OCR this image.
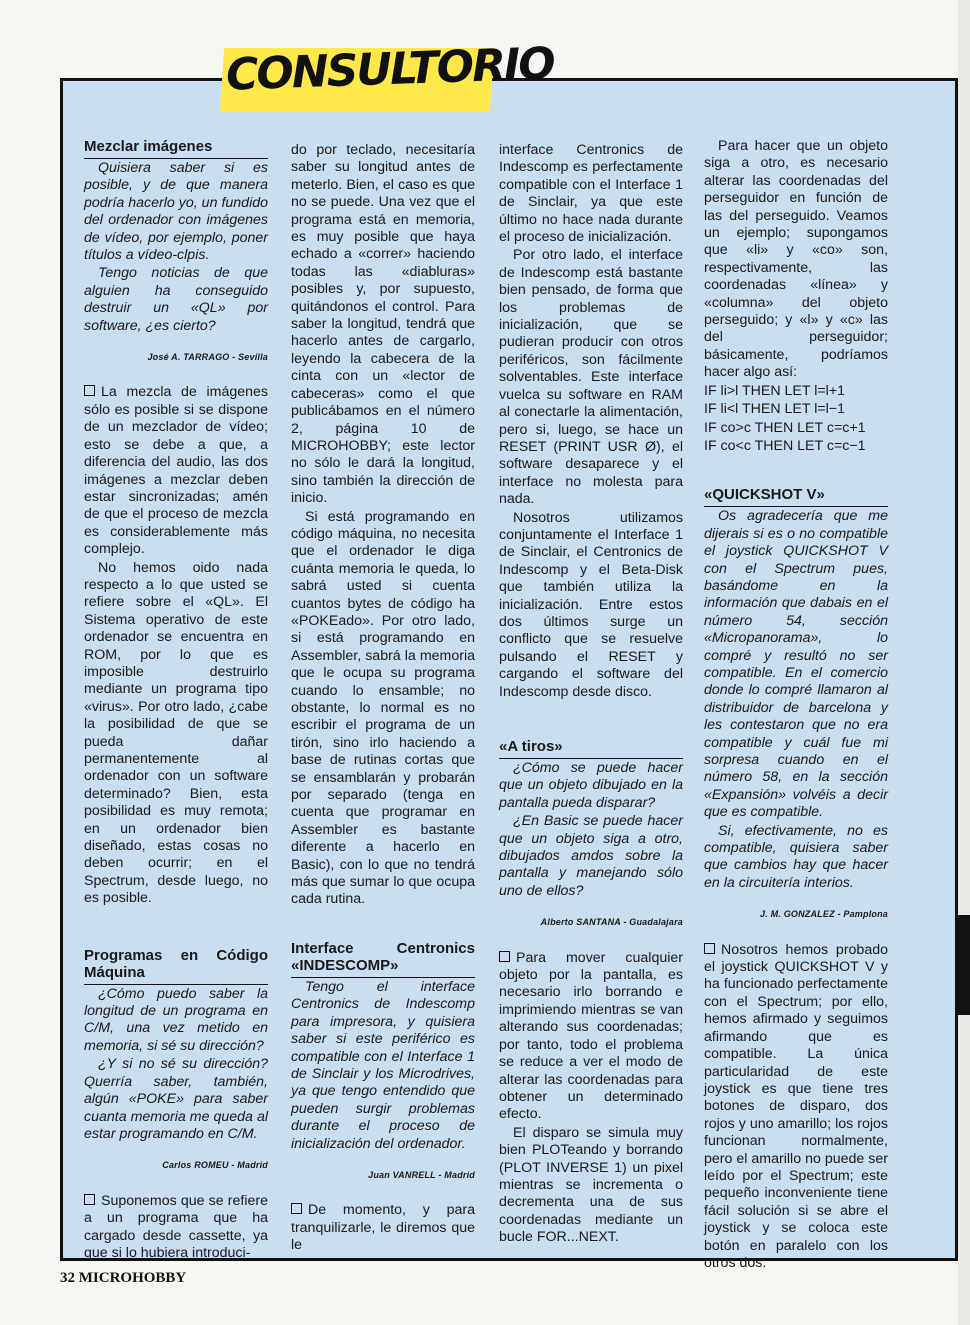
CONSULTORIO

Mezclar imágenes

Quisiera saber si es posible, y de que manera podría hacerlo yo, un fundido del ordenador con imágenes de vídeo, por ejemplo, poner títulos a vídeo-clpis.

Tengo noticias de que alguien ha conseguido destruir un «QL» por software, ¿es cierto?

José A. TARRAGO - Sevilla

La mezcla de imágenes sólo es posible si se dispone de un mezclador de vídeo; esto se debe a que, a diferencia del audio, las dos imágenes a mezclar deben estar sincronizadas; amén de que el proceso de mezcla es considerablemente más complejo.

No hemos oido nada respecto a lo que usted se refiere sobre el «QL». El Sistema operativo de este ordenador se encuentra en ROM, por lo que es imposible destruirlo mediante un programa tipo «virus». Por otro lado, ¿cabe la posibilidad de que se pueda dañar permanentemente al ordenador con un software determinado? Bien, esta posibilidad es muy remota; en un ordenador bien diseñado, estas cosas no deben ocurrir; en el Spectrum, desde luego, no es posible.

Programas en Código Máquina

¿Cómo puedo saber la longitud de un programa en C/M, una vez metido en memoria, si sé su dirección?

¿Y si no sé su dirección? Querría saber, también, algún «POKE» para saber cuanta memoria me queda al estar programando en C/M.

Carlos ROMEU - Madrid

Suponemos que se refiere a un programa que ha cargado desde cassette, ya que si lo hubiera introduci-

do por teclado, necesitaría saber su longitud antes de meterlo. Bien, el caso es que no se puede. Una vez que el programa está en memoria, es muy posible que haya echado a «correr» haciendo todas las «diabluras» posibles y, por supuesto, quitándonos el control. Para saber la longitud, tendrá que hacerlo antes de cargarlo, leyendo la cabecera de la cinta con un «lector de cabeceras» como el que publicábamos en el número 2, página 10 de MICROHOBBY; este lector no sólo le dará la longitud, sino también la dirección de inicio.

Si está programando en código máquina, no necesita que el ordenador le diga cuánta memoria le queda, lo sabrá usted si cuenta cuantos bytes de código ha «POKEado». Por otro lado, si está programando en Assembler, sabrá la memoria que le ocupa su programa cuando lo ensamble; no obstante, lo normal es no escribir el programa de un tirón, sino irlo haciendo a base de rutinas cortas que se ensamblarán y probarán por separado (tenga en cuenta que programar en Assembler es bastante diferente a hacerlo en Basic), con lo que no tendrá más que sumar lo que ocupa cada rutina.

Interface Centronics «INDESCOMP»

Tengo el interface Centronics de Indescomp para impresora, y quisiera saber si este periférico es compatible con el Interface 1 de Sinclair y los Microdrives, ya que tengo entendido que pueden surgir problemas durante el proceso de inicialización del ordenador.

Juan VANRELL - Madrid

De momento, y para tranquilizarle, le diremos que le

interface Centronics de Indescomp es perfectamente compatible con el Interface 1 de Sinclair, ya que este último no hace nada durante el proceso de inicialización.

Por otro lado, el interface de Indescomp está bastante bien pensado, de forma que los problemas de inicialización, que se pudieran producir con otros periféricos, son fácilmente solventables. Este interface vuelca su software en RAM al conectarle la alimentación, pero si, luego, se hace un RESET (PRINT USR Ø), el software desaparece y el interface no molesta para nada.

Nosotros utilizamos conjuntamente el Interface 1 de Sinclair, el Centronics de Indescomp y el Beta-Disk que también utiliza la inicialización. Entre estos dos últimos surge un conflicto que se resuelve pulsando el RESET y cargando el software del Indescomp desde disco.

«A tiros»

¿Cómo se puede hacer que un objeto dibujado en la pantalla pueda disparar?

¿En Basic se puede hacer que un objeto siga a otro, dibujados amdos sobre la pantalla y manejando sólo uno de ellos?

Alberto SANTANA - Guadalajara

Para mover cualquier objeto por la pantalla, es necesario irlo borrando e imprimiendo mientras se van alterando sus coordenadas; por tanto, todo el problema se reduce a ver el modo de alterar las coordenadas para obtener un determinado efecto.

El disparo se simula muy bien PLOTeando y borrando (PLOT INVERSE 1) un pixel mientras se incrementa o decrementa una de sus coordenadas mediante un bucle FOR...NEXT.

Para hacer que un objeto siga a otro, es necesario alterar las coordenadas del perseguidor en función de las del perseguido. Veamos un ejemplo; supongamos que «li» y «co» son, respectivamente, las coordenadas «línea» y «columna» del objeto perseguido; y «l» y «c» las del perseguidor; básicamente, podríamos hacer algo así:

IF li>l THEN LET l=l+1

IF li<l THEN LET l=l−1

IF co>c THEN LET c=c+1

IF co<c THEN LET c=c−1

«QUICKSHOT V»

Os agradecería que me dijerais si es o no compatible el joystick QUICKSHOT V con el Spectrum pues, basándome en la información que dabais en el número 54, sección «Micropanorama», lo compré y resultó no ser compatible. En el comercio donde lo compré llamaron al distribuidor de barcelona y les contestaron que no era compatible y cuál fue mi sorpresa cuando en el número 58, en la sección «Expansión» volvéis a decir que es compatible.

Si, efectivamente, no es compatible, quisiera saber que cambios hay que hacer en la circuitería interios.

J. M. GONZALEZ - Pamplona

Nosotros hemos probado el joystick QUICKSHOT V y ha funcionado perfectamente con el Spectrum; por ello, hemos afirmado y seguimos afirmando que es compatible. La única particularidad de este joystick es que tiene tres botones de disparo, dos rojos y uno amarillo; los rojos funcionan normalmente, pero el amarillo no puede ser leído por el Spectrum; este pequeño inconveniente tiene fácil solución si se abre el joystick y se coloca este botón en paralelo con los otros dos.

32 MICROHOBBY
